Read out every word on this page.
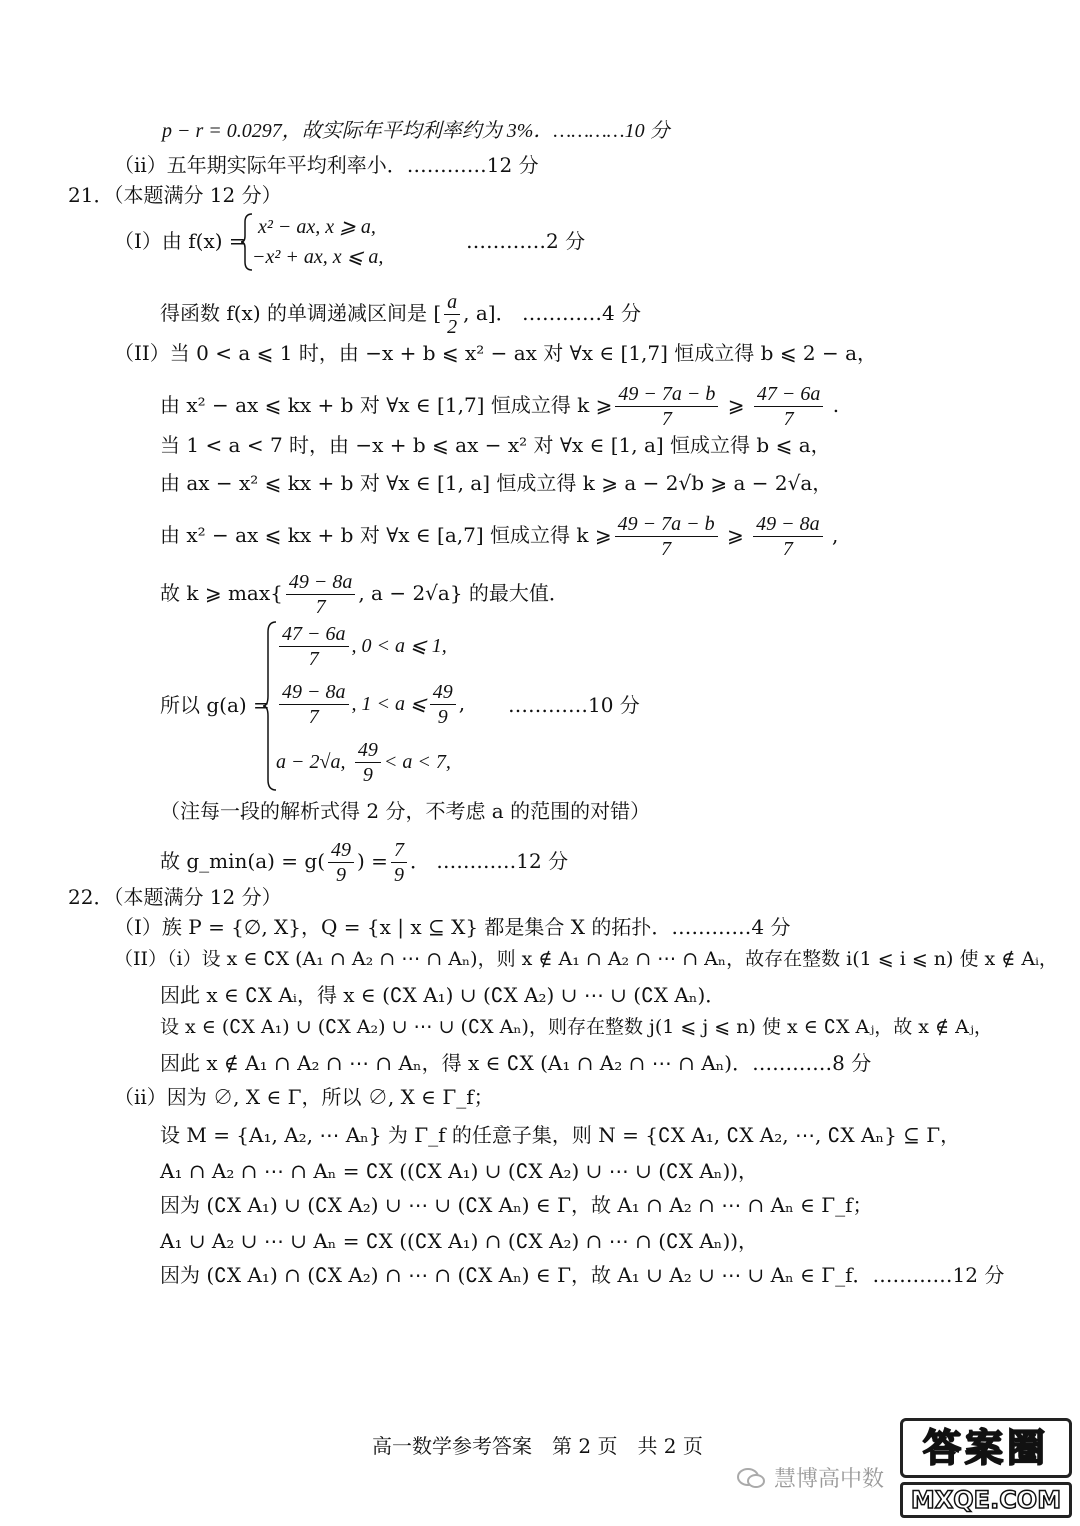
p − r = 0.0297，故实际年平均利率约为 3%．…………10 分
（ii）五年期实际年平均利率小．…………12 分
21．（本题满分 12 分）
（I）由 f(x) =
x² − ax, x ⩾ a,
−x² + ax, x ⩽ a,
…………2 分
得函数 f(x) 的单调递减区间是 [ $\frac{a}{2}$ , a]． …………4 分
（II）当 0 < a ⩽ 1 时，由 −x + b ⩽ x² − ax 对 ∀x ∈ [1,7] 恒成立得 b ⩽ 2 − a，
由 x² − ax ⩽ kx + b 对 ∀x ∈ [1,7] 恒成立得 k ⩾ $\frac{49 - 7a - b}{7}$ ⩾ $\frac{47 - 6a}{7}$ .
当 1 < a < 7 时，由 −x + b ⩽ ax − x² 对 ∀x ∈ [1, a] 恒成立得 b ⩽ a，
由 ax − x² ⩽ kx + b 对 ∀x ∈ [1, a] 恒成立得 k ⩾ a − 2√b ⩾ a − 2√a，
由 x² − ax ⩽ kx + b 对 ∀x ∈ [a,7] 恒成立得 k ⩾ $\frac{49 - 7a - b}{7}$ ⩾ $\frac{49 - 8a}{7}$ ,
故 k ⩾ $\max\{ \frac{49 - 8a}{7}$ , a − 2√a} 的最大值．
所以 g(a) =
$\frac{47 - 6a}{7}$ , 0 < a ⩽ 1,
$\frac{49 - 8a}{7}$ , 1 < a ⩽ $\frac{49}{9}$ , …………10 分
a − 2√a, $\frac{49}{9} < a < 7$,
（注每一段的解析式得 2 分，不考虑 a 的范围的对错）
故 g_min(a) = $g( \frac{49}{9}$ ) = $\frac{7}{9}$ ． …………12 分
22．（本题满分 12 分）
（I）族 P = {∅, X}，Q = {x | x ⊆ X} 都是集合 X 的拓扑．…………4 分
（II）（i）设 x ∈ ∁X (A₁ ∩ A₂ ∩ ⋯ ∩ Aₙ)，则 x ∉ A₁ ∩ A₂ ∩ ⋯ ∩ Aₙ，故存在整数 i(1 ⩽ i ⩽ n) 使 x ∉ Aᵢ，
因此 x ∈ ∁X Aᵢ，得 x ∈ (∁X A₁) ∪ (∁X A₂) ∪ ⋯ ∪ (∁X Aₙ)．
设 x ∈ (∁X A₁) ∪ (∁X A₂) ∪ ⋯ ∪ (∁X Aₙ)，则存在整数 j(1 ⩽ j ⩽ n) 使 x ∈ ∁X Aⱼ，故 x ∉ Aⱼ，
因此 x ∉ A₁ ∩ A₂ ∩ ⋯ ∩ Aₙ，得 x ∈ ∁X (A₁ ∩ A₂ ∩ ⋯ ∩ Aₙ)．…………8 分
（ii）因为 ∅, X ∈ Γ，所以 ∅, X ∈ Γ_f；
设 M = {A₁, A₂, ⋯ Aₙ} 为 Γ_f 的任意子集，则 N = {∁X A₁, ∁X A₂, ⋯, ∁X Aₙ} ⊆ Γ，
A₁ ∩ A₂ ∩ ⋯ ∩ Aₙ = ∁X ((∁X A₁) ∪ (∁X A₂) ∪ ⋯ ∪ (∁X Aₙ))，
因为 (∁X A₁) ∪ (∁X A₂) ∪ ⋯ ∪ (∁X Aₙ) ∈ Γ，故 A₁ ∩ A₂ ∩ ⋯ ∩ Aₙ ∈ Γ_f；
A₁ ∪ A₂ ∪ ⋯ ∪ Aₙ = ∁X ((∁X A₁) ∩ (∁X A₂) ∩ ⋯ ∩ (∁X Aₙ))，
因为 (∁X A₁) ∩ (∁X A₂) ∩ ⋯ ∩ (∁X Aₙ) ∈ Γ，故 A₁ ∪ A₂ ∪ ⋯ ∪ Aₙ ∈ Γ_f．…………12 分
高一数学参考答案　第 2 页　共 2 页
慧博高中数
答案圈
MXQE.COM
